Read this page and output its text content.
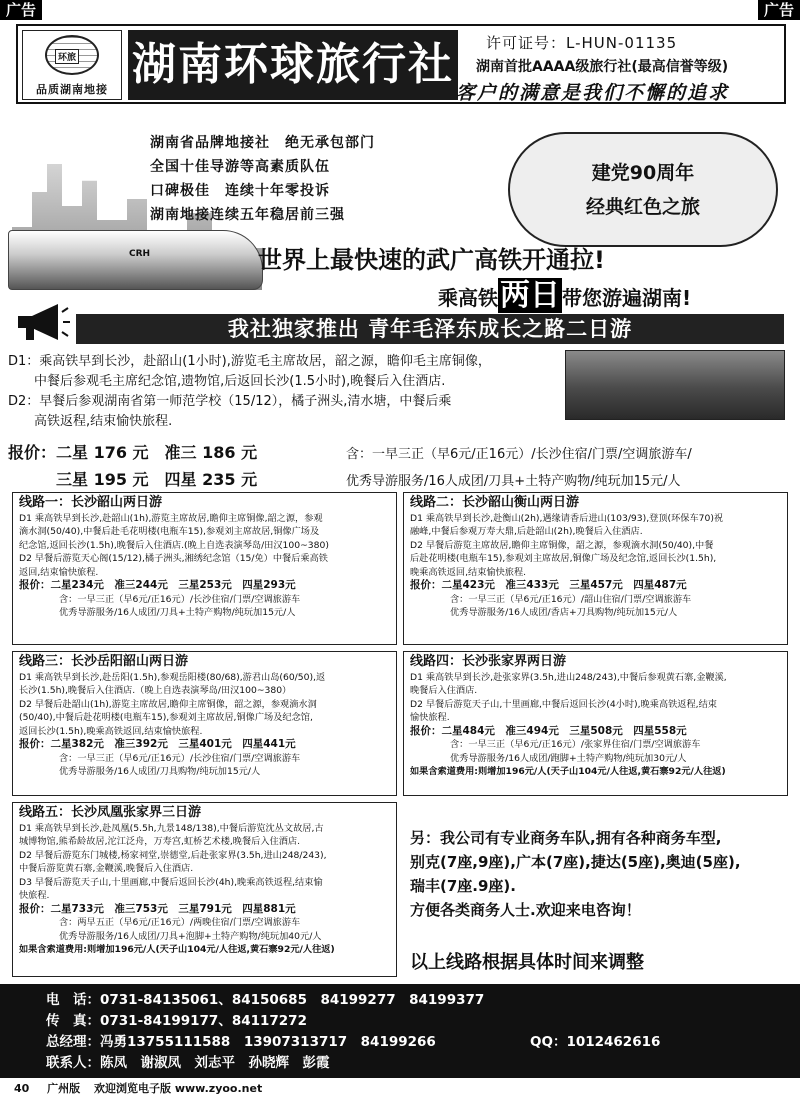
广告	广告
环旅
品质湖南地接 湖南环球旅行社 许可证号：L-HUN-01135
湖南首批AAAA级旅行社(最高信誉等级)
客户的满意是我们不懈的追求
CRH
湖南省品牌地接社　绝无承包部门
全国十佳导游等高素质队伍
口碑极佳　连续十年零投诉
湖南地接连续五年稳居前三强
建党90周年
经典红色之旅
世界上最快速的武广高铁开通拉!
乘高铁两日 带您游遍湖南!
我社独家推出 青年毛泽东成长之路二日游
D1：乘高铁早到长沙，赴韶山(1小时),游览毛主席故居，韶之源，瞻仰毛主席铜像，
中餐后参观毛主席纪念馆,遗物馆,后返回长沙(1.5小时),晚餐后入住酒店.
D2：早餐后参观湖南省第一师范学校（15/12），橘子洲头,清水塘，中餐后乘
高铁返程,结束愉快旅程.
报价： 二星 176 元　准三 186 元	含：一早三正（早6元/正16元）/长沙住宿/门票/空调旅游车/
三星 195 元　四星 235 元	优秀导游服务/16人成团/刀具+土特产购物/纯玩加15元/人
线路一：长沙韶山两日游
D1 乘高铁早到长沙,赴韶山(1h),游览主席故居,瞻仰主席铜像,韶之源，参观
滴水洞(50/40),中餐后赴毛花明楼(电瓶车15),参观刘主席故居,铜像广场及
纪念馆,返回长沙(1.5h),晚餐后入住酒店.(晚上自选表演琴岛/田汉100~380)
D2 早餐后游览天心阁(15/12),橘子洲头,湘绣纪念馆（15/免）中餐后乘高铁
返回,结束愉快旅程.
报价：二星234元　准三244元　三星253元　四星293元
含：一早三正（早6元/正16元）/长沙住宿/门票/空调旅游车
优秀导游服务/16人成团/刀具+土特产购物/纯玩加15元/人
线路二：长沙韶山衡山两日游
D1 乘高铁早到长沙,赴衡山(2h),遇缘请香后进山(103/93),登顶(环保车70)祝
融峰,中餐后参观万寿大鼎,后赴韶山(2h),晚餐后入住酒店.
D2 早餐后游览主席故居,瞻仰主席铜像，韶之源，参观滴水洞(50/40),中餐
后赴花明楼(电瓶车15),参观刘主席故居,铜像广场及纪念馆,返回长沙(1.5h),
晚乘高铁返回,结束愉快旅程.
报价：二星423元　准三433元　三星457元　四星487元
含：一早三正（早6元/正16元）/韶山住宿/门票/空调旅游车
优秀导游服务/16人成团/香店+刀具购物/纯玩加15元/人
线路三：长沙岳阳韶山两日游
D1 乘高铁早到长沙,赴岳阳(1.5h),参观岳阳楼(80/68),游君山岛(60/50),返
长沙(1.5h),晚餐后入住酒店.（晚上自选表演琴岛/田汉100~380）
D2 早餐后赴韶山(1h),游览主席故居,瞻仰主席铜像，韶之源，参观滴水洞
(50/40),中餐后赴花明楼(电瓶车15),参观刘主席故居,铜像广场及纪念馆,
返回长沙(1.5h),晚乘高铁返回,结束愉快旅程.
报价：二星382元　准三392元　三星401元　四星441元
含：一早三正（早6元/正16元）/长沙住宿/门票/空调旅游车
优秀导游服务/16人成团/刀具购物/纯玩加15元/人
线路四：长沙张家界两日游
D1 乘高铁早到长沙,赴张家界(3.5h,进山248/243),中餐后参观黄石寨,金鞭溪,
晚餐后入住酒店.
D2 早餐后游览天子山,十里画廊,中餐后返回长沙(4小时),晚乘高铁返程,结束
愉快旅程.
报价：二星484元　准三494元　三星508元　四星558元
含：一早三正（早6元/正16元）/张家界住宿/门票/空调旅游车
优秀导游服务/16人成团/跑脚+土特产购物/纯玩加30元/人
如果含索道费用:则增加196元/人(天子山104元/人往返,黄石寨92元/人往返)
线路五：长沙凤凰张家界三日游
D1 乘高铁早到长沙,赴凤凰(5.5h,九景148/138),中餐后游览沈丛文故居,古
城博物馆,熊希龄故居,沱江泛舟，万寿宫,虹桥艺术楼,晚餐后入住酒店.
D2 早餐后游览东门城楼,杨家祠堂,崇德堂,后赴张家界(3.5h,进山248/243),
中餐后游览黄石寨,金鞭溪,晚餐后入住酒店.
D3 早餐后游览天子山,十里画廊,中餐后返回长沙(4h),晚乘高铁返程,结束愉
快旅程.
报价：二星733元　准三753元　三星791元　四星881元
含：两早五正（早6元/正16元）/两晚住宿/门票/空调旅游车
优秀导游服务/16人成团/刀具+泡脚+土特产购物/纯玩加40元/人
如果含索道费用:则增加196元/人(天子山104元/人往返,黄石寨92元/人往返)
另：我公司有专业商务车队,拥有各种商务车型,
别克(7座,9座),广本(7座),捷达(5座),奥迪(5座),
瑞丰(7座.9座).
方便各类商务人士.欢迎来电咨询！
以上线路根据具体时间来调整
电　话：0731-84135061、84150685　84199277　84199377
传　真：0731-84199177、84117272
总经理：冯勇13755111588　13907313717　84199266	QQ：1012462616
联系人：陈凤　谢淑凤　刘志平　孙晓辉　彭霞
40 广州版 欢迎浏览电子版 www.zyoo.net
